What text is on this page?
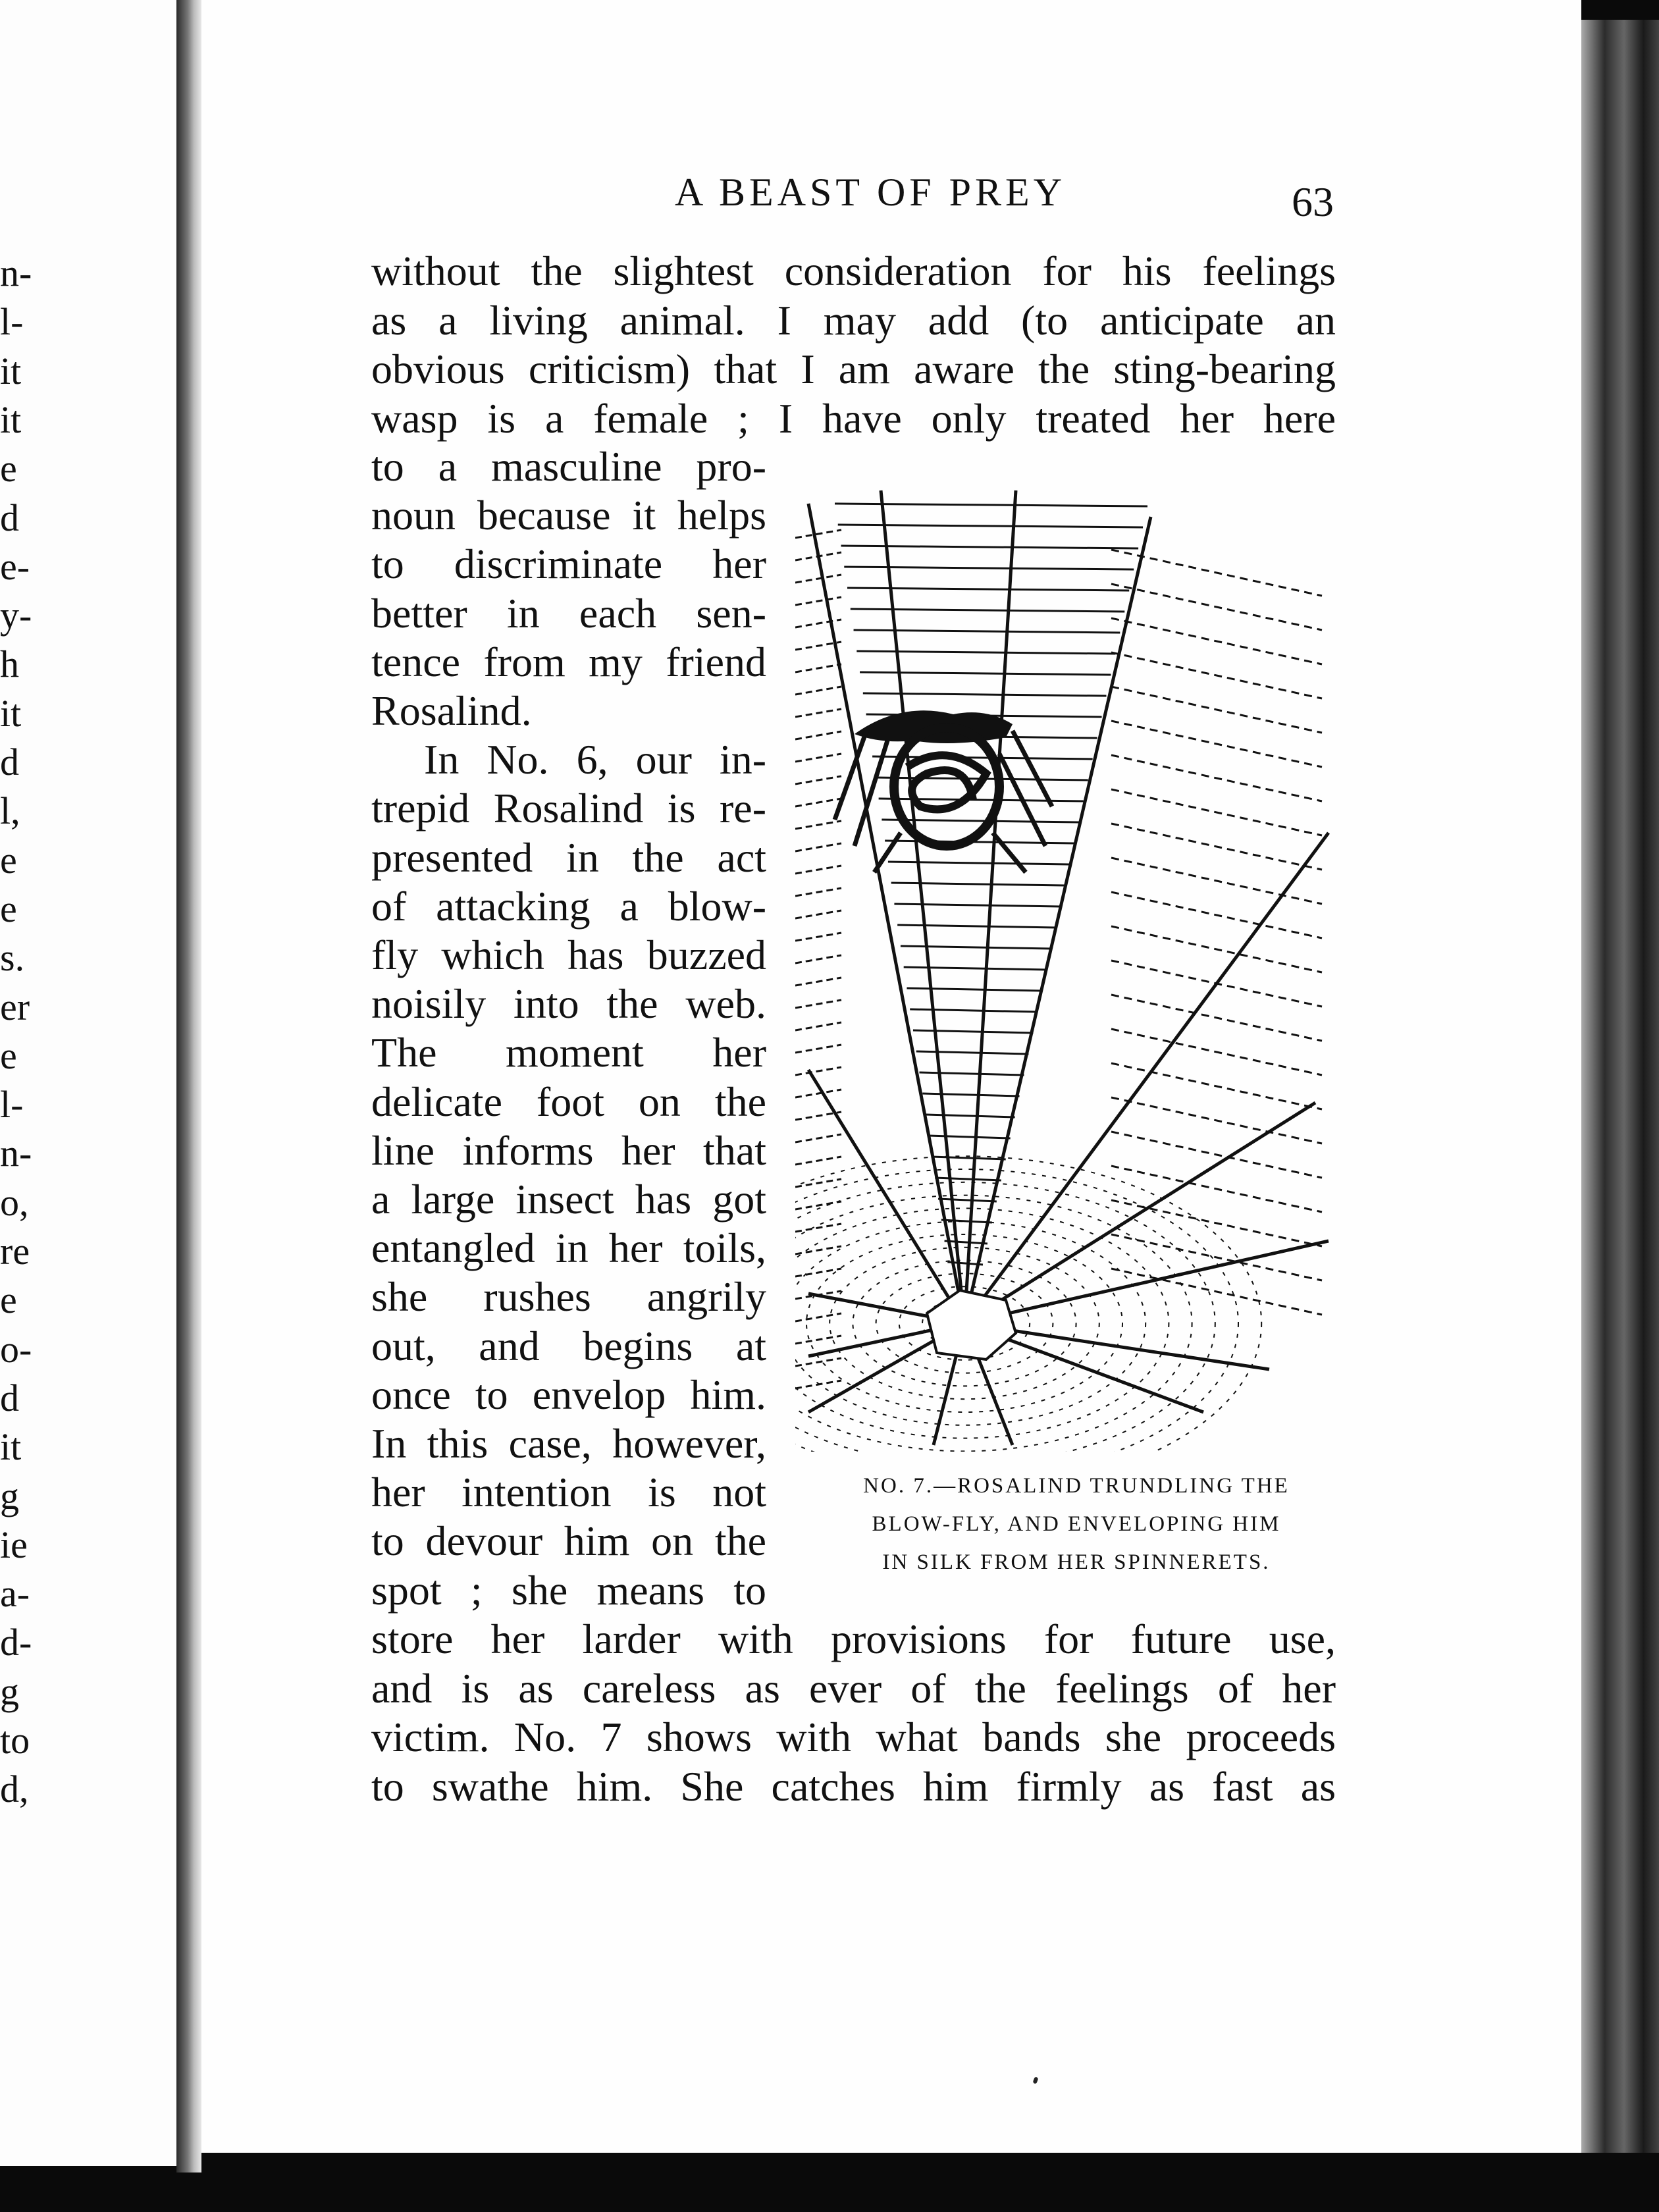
n-
l-
it
it
e
d
e-
y-
h
it
d
l,
e
e
s.
er
e
l-
n-
o,
re
e
o-
d
it
g
ie
a-
d-
g
to
d,
A BEAST OF PREY	63
without the slightest consideration for his feelings
as a living animal. I may add (to anticipate an
obvious criticism) that I am aware the sting-bearing
wasp is a female ; I have only treated her here
to a masculine pro-
noun because it helps
to discriminate her
better in each sen-
tence from my friend
Rosalind.
In No. 6, our in-
trepid Rosalind is re-
presented in the act
of attacking a blow-
fly which has buzzed
noisily into the web.
The moment her
delicate foot on the
line informs her that
a large insect has got
entangled in her toils,
she rushes angrily
out, and begins at
once to envelop him.
In this case, however,
her intention is not
to devour him on the
spot ; she means to
store her larder with provisions for future use,
and is as careless as ever of the feelings of her
victim. No. 7 shows with what bands she proceeds
to swathe him. She catches him firmly as fast as
NO. 7.—ROSALIND TRUNDLING THE
BLOW-FLY, AND ENVELOPING HIM
IN SILK FROM HER SPINNERETS.
